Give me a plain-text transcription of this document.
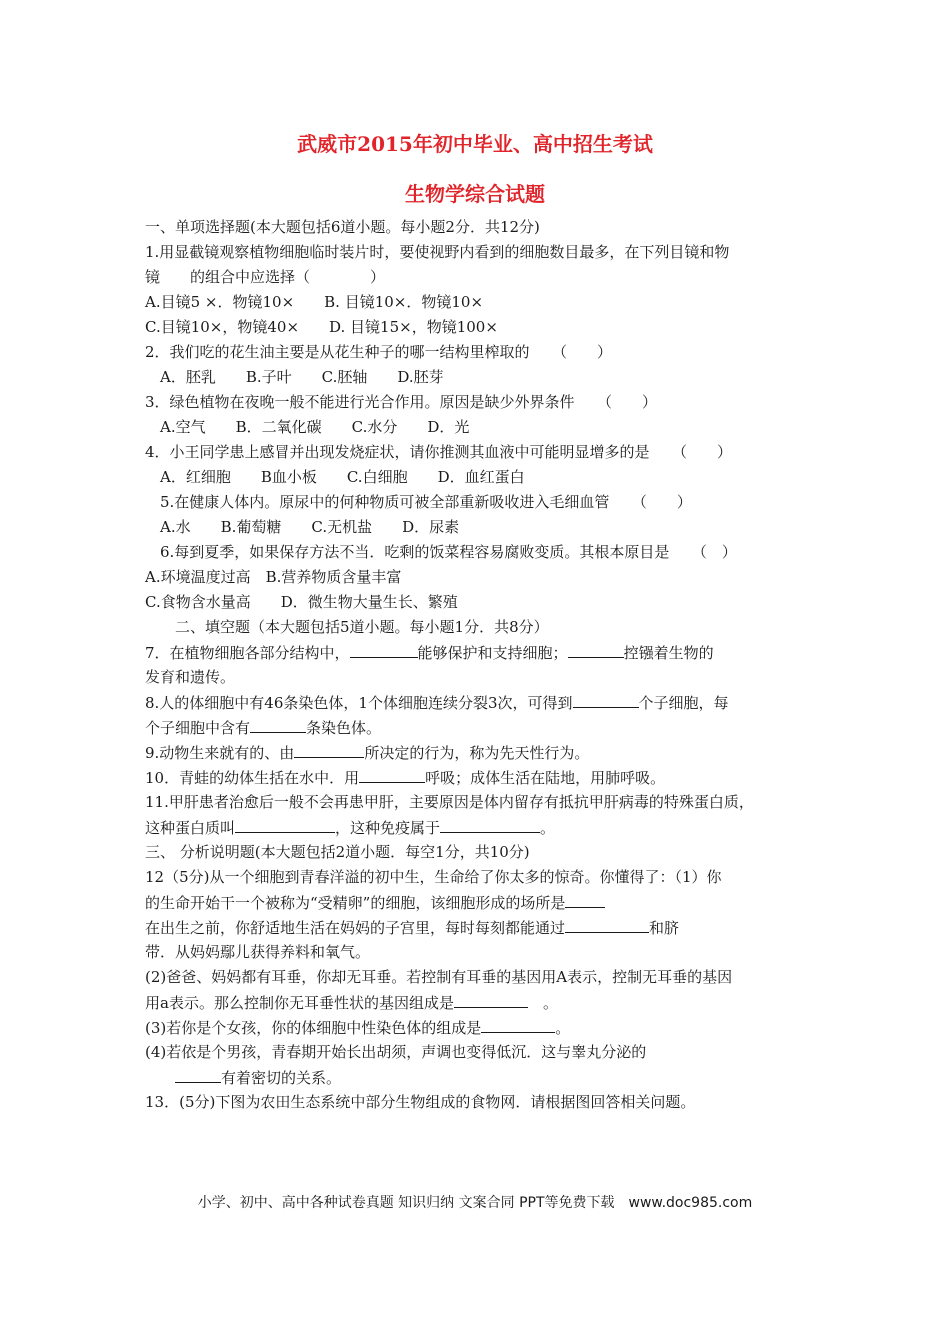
武威市2015年初中毕业、高中招生考试
生物学综合试题
一、单项选择题(本大题包括6道小题。每小题2分．共12分)
1.用显截镜观察植物细胞临时装片时，要使视野内看到的细胞数目最多，在下列目镜和物
镜　　的组合中应选择（　　　　）
A.目镜5 ×．物镜10×　　B. 目镜10×．物镜10×
C.目镜10×，物镜40×　　D. 目镜15×，物镜100×
2．我们吃的花生油主要是从花生种子的哪一结构里榨取的　　（　　）
　A．胚乳　　B.子叶　　C.胚轴　　D.胚芽
3．绿色植物在夜晚一般不能进行光合作用。原因是缺少外界条件　　（　　）
　A.空气　　B．二氧化碳　　C.水分　　D．光
4．小王同学患上感冒并出现发烧症状，请你推测其血液中可能明显增多的是　　（　　）
　A．红细胞　　B血小板　　C.白细胞　　D．血红蛋白
　5.在健康人体内。原尿中的何种物质可被全部重新吸收进入毛细血管　　（　　）
　A.水　　B.葡萄糖　　C.无机盐　　D．尿素
　6.每到夏季，如果保存方法不当．吃剩的饭菜程容易腐败变质。其根本原目是　　（　）
A.环境温度过高　B.营养物质含量丰富
C.食物含水量高　　D．微生物大量生长、繁殖
　　二、填空题（本大题包括5道小题。每小题1分．共8分）
7．在植物细胞各部分结构中，	能够保护和支持细胞；	控镪着生物的
发育和遗传。
8.人的体细胞中有46条染色体，1个体细胞连续分裂3次，可得到	个子细胞，每
个子细胞中含有	条染色体。
9.动物生来就有的、由	所决定的行为，称为先天性行为。
10．青蛙的幼体生括在水中．用	呼吸；成体生活在陆地，用肺呼吸。
11.甲肝患者治愈后一般不会再患甲肝，主要原因是体内留存有抵抗甲肝病毒的特殊蛋白质，
这种蛋白质叫	，这种免疫属于	。
三、 分析说明题(本大题包括2道小题．每空1分，共10分)
12（5分)从一个细胞到青春洋溢的初中生，生命给了你太多的惊奇。你懂得了：（1）你
的生命开始干一个被称为“受精卵”的细胞，该细胞形成的场所是
在出生之前，你舒适地生活在妈妈的子宫里，每时每刻都能通过	和脐
带．从妈妈鄢儿获得养料和氧气。
(2)爸爸、妈妈都有耳垂，你却无耳垂。若控制有耳垂的基因用A表示，控制无耳垂的基因
用a表示。那么控制你无耳垂性状的基因组成是	　。
(3)若你是个女孩，你的体细胞中性染色体的组成是	。
(4)若依是个男孩，青春期开始长出胡须，声调也变得低沉．这与睾丸分泌的
　　有着密切的关系。
13．(5分)下图为农田生态系统中部分生物组成的食物网．请根据图回答相关问题。
小学、初中、高中各种试卷真题 知识归纳 文案合同 PPT等免费下载　www.doc985.com
